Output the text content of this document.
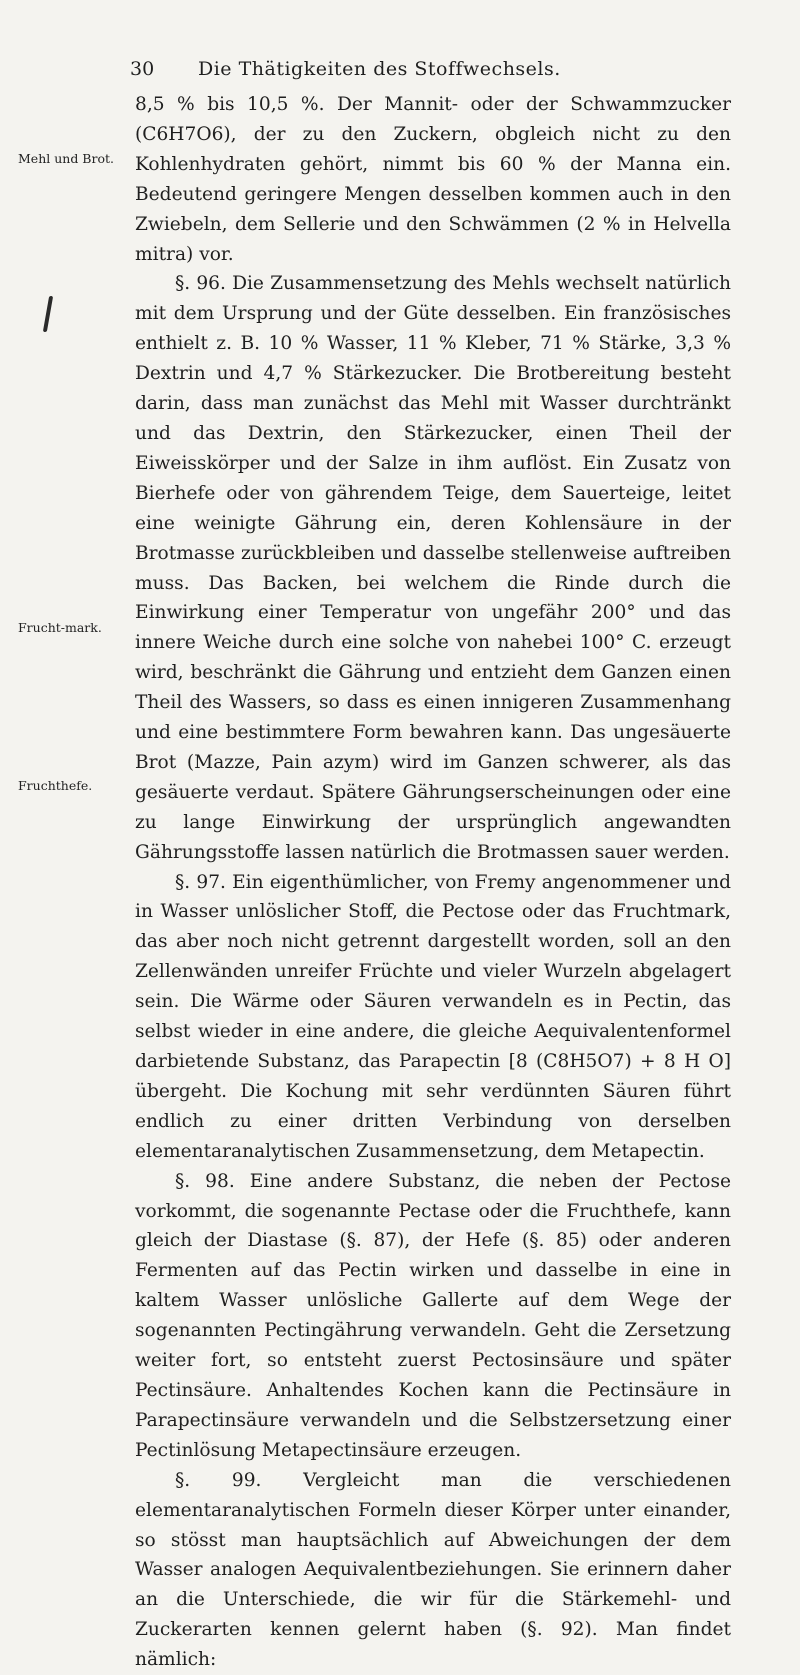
30 Die Thätigkeiten des Stoffwechsels.
Mehl und Brot.
Frucht-mark.
Fruchthefe.

8,5 % bis 10,5 %. Der Mannit- oder der Schwammzucker (C6H7O6), der zu den Zuckern, obgleich nicht zu den Kohlenhydraten gehört, nimmt bis 60 % der Manna ein. Bedeutend geringere Mengen desselben kommen auch in den Zwiebeln, dem Sellerie und den Schwämmen (2 % in Helvella mitra) vor.

§. 96. Die Zusammensetzung des Mehls wechselt natürlich mit dem Ursprung und der Güte desselben. Ein französisches enthielt z. B. 10 % Wasser, 11 % Kleber, 71 % Stärke, 3,3 % Dextrin und 4,7 % Stärkezucker. Die Brotbereitung besteht darin, dass man zunächst das Mehl mit Wasser durchtränkt und das Dextrin, den Stärkezucker, einen Theil der Eiweisskörper und der Salze in ihm auflöst. Ein Zusatz von Bierhefe oder von gährendem Teige, dem Sauerteige, leitet eine weinigte Gährung ein, deren Kohlensäure in der Brotmasse zurückbleiben und dasselbe stellenweise auftreiben muss. Das Backen, bei welchem die Rinde durch die Einwirkung einer Temperatur von ungefähr 200° und das innere Weiche durch eine solche von nahebei 100° C. erzeugt wird, beschränkt die Gährung und entzieht dem Ganzen einen Theil des Wassers, so dass es einen innigeren Zusammenhang und eine bestimmtere Form bewahren kann. Das ungesäuerte Brot (Mazze, Pain azym) wird im Ganzen schwerer, als das gesäuerte verdaut. Spätere Gährungserscheinungen oder eine zu lange Einwirkung der ursprünglich angewandten Gährungsstoffe lassen natürlich die Brotmassen sauer werden.

§. 97. Ein eigenthümlicher, von Fremy angenommener und in Wasser unlöslicher Stoff, die Pectose oder das Fruchtmark, das aber noch nicht getrennt dargestellt worden, soll an den Zellenwänden unreifer Früchte und vieler Wurzeln abgelagert sein. Die Wärme oder Säuren verwandeln es in Pectin, das selbst wieder in eine andere, die gleiche Aequivalentenformel darbietende Substanz, das Parapectin [8 (C8H5O7) + 8 H O] übergeht. Die Kochung mit sehr verdünnten Säuren führt endlich zu einer dritten Verbindung von derselben elementaranalytischen Zusammensetzung, dem Metapectin.

§. 98. Eine andere Substanz, die neben der Pectose vorkommt, die sogenannte Pectase oder die Fruchthefe, kann gleich der Diastase (§. 87), der Hefe (§. 85) oder anderen Fermenten auf das Pectin wirken und dasselbe in eine in kaltem Wasser unlösliche Gallerte auf dem Wege der sogenannten Pectingährung verwandeln. Geht die Zersetzung weiter fort, so entsteht zuerst Pectosinsäure und später Pectinsäure. Anhaltendes Kochen kann die Pectinsäure in Parapectinsäure verwandeln und die Selbstzersetzung einer Pectinlösung Metapectinsäure erzeugen.

§. 99. Vergleicht man die verschiedenen elementaranalytischen Formeln dieser Körper unter einander, so stösst man hauptsächlich auf Abweichungen der dem Wasser analogen Aequivalentbeziehungen. Sie erinnern daher an die Unterschiede, die wir für die Stärkemehl- und Zuckerarten kennen gelernt haben (§. 92). Man findet nämlich:
